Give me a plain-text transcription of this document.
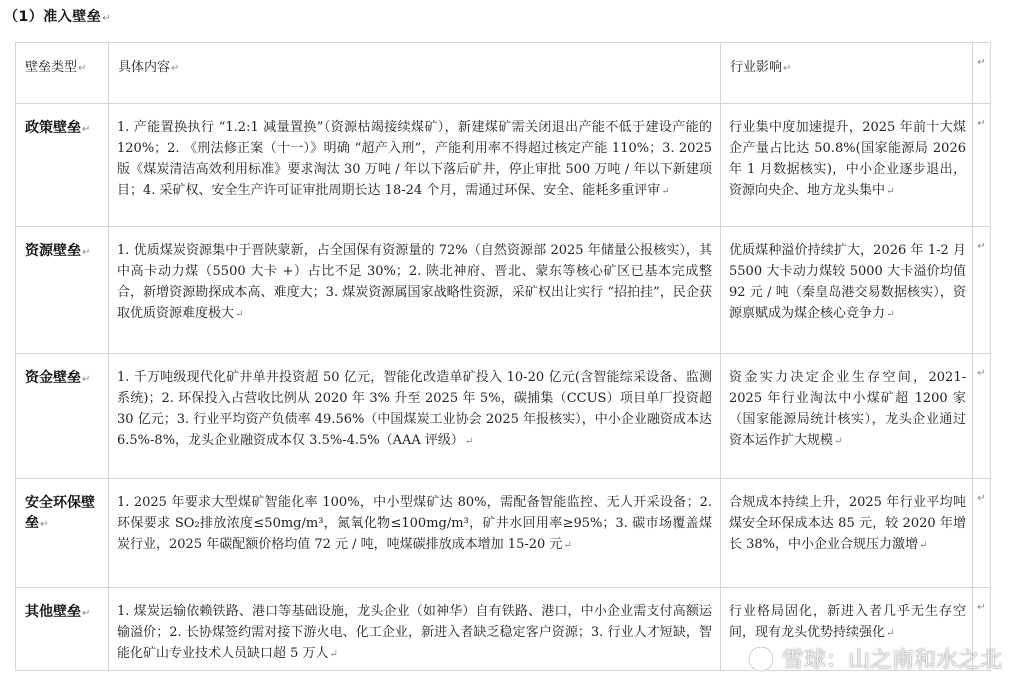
（1）准入壁垒↵
壁垒类型↵	具体内容↵	行业影响↵	↵

政策壁垒↵	1. 产能置换执行 “1.2:1 减量置换”（资源枯竭接续煤矿），新建煤矿需关闭退出产能不低于建设产能的 120%；2. 《刑法修正案（十一）》明确 “超产入刑”，产能利用率不得超过核定产能 110%；3. 2025 版《煤炭清洁高效利用标准》要求淘汰 30 万吨 / 年以下落后矿井，停止审批 500 万吨 / 年以下新建项目；4. 采矿权、安全生产许可证审批周期长达 18-24 个月，需通过环保、安全、能耗多重评审↵	行业集中度加速提升，2025 年前十大煤企产量占比达 50.8%(国家能源局 2026 年 1 月数据核实)，中小企业逐步退出，资源向央企、地方龙头集中↵	↵

资源壁垒↵	1. 优质煤炭资源集中于晋陕蒙新，占全国保有资源量的 72%（自然资源部 2025 年储量公报核实），其中高卡动力煤（5500 大卡 +）占比不足 30%；2. 陕北神府、晋北、蒙东等核心矿区已基本完成整合，新增资源勘探成本高、难度大；3. 煤炭资源属国家战略性资源，采矿权出让实行 “招拍挂”，民企获取优质资源难度极大↵	优质煤种溢价持续扩大，2026 年 1-2 月 5500 大卡动力煤较 5000 大卡溢价均值 92 元 / 吨（秦皇岛港交易数据核实），资源禀赋成为煤企核心竞争力↵	↵

资金壁垒↵	1. 千万吨级现代化矿井单井投资超 50 亿元，智能化改造单矿投入 10-20 亿元(含智能综采设备、监测系统)；2. 环保投入占营收比例从 2020 年 3% 升至 2025 年 5%，碳捕集（CCUS）项目单厂投资超 30 亿元；3. 行业平均资产负债率 49.56%（中国煤炭工业协会 2025 年报核实），中小企业融资成本达 6.5%-8%，龙头企业融资成本仅 3.5%-4.5%（AAA 评级）↵	资金实力决定企业生存空间，2021-2025 年行业淘汰中小煤矿超 1200 家（国家能源局统计核实），龙头企业通过资本运作扩大规模↵	↵

安全环保壁垒↵	1. 2025 年要求大型煤矿智能化率 100%，中小型煤矿达 80%，需配备智能监控、无人开采设备；2. 环保要求 SO₂排放浓度≤50mg/m³，氮氧化物≤100mg/m³，矿井水回用率≥95%；3. 碳市场覆盖煤炭行业，2025 年碳配额价格均值 72 元 / 吨，吨煤碳排放成本增加 15-20 元↵	合规成本持续上升，2025 年行业平均吨煤安全环保成本达 85 元，较 2020 年增长 38%，中小企业合规压力激增↵	↵

其他壁垒↵	1. 煤炭运输依赖铁路、港口等基础设施，龙头企业（如神华）自有铁路、港口，中小企业需支付高额运输溢价；2. 长协煤签约需对接下游火电、化工企业，新进入者缺乏稳定客户资源；3. 行业人才短缺，智能化矿山专业技术人员缺口超 5 万人↵	行业格局固化，新进入者几乎无生存空间，现有龙头优势持续强化↵	↵
雪球：山之南和水之北
